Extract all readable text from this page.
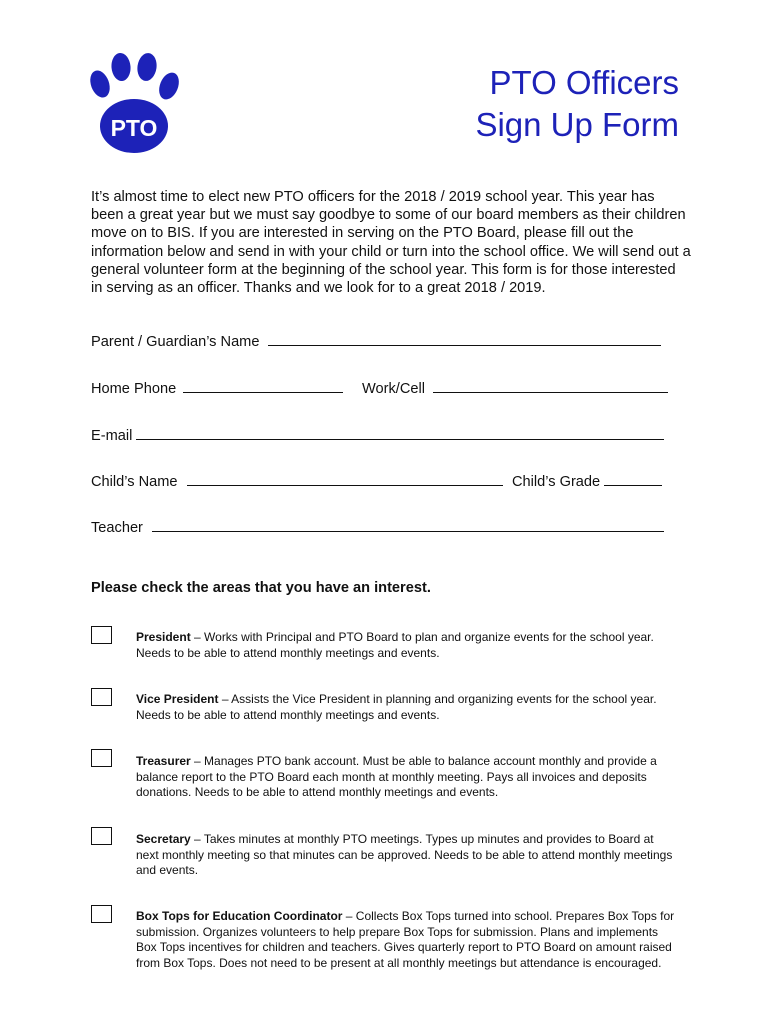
PTO
PTO Officers
Sign Up Form
It’s almost time to elect new PTO officers for the 2018 / 2019 school year. This year has been a great year but we must say goodbye to some of our board members as their children move on to BIS. If you are interested in serving on the PTO Board, please fill out the information below and send in with your child or turn into the school office. We will send out a general volunteer form at the beginning of the school year. This form is for those interested in serving as an officer. Thanks and we look for to a great 2018 / 2019.
Parent / Guardian’s Name
Home Phone	Work/Cell
E-mail
Child’s Name	Child’s Grade
Teacher
Please check the areas that you have an interest.
President – Works with Principal and PTO Board to plan and organize events for the school year. Needs to be able to attend monthly meetings and events.
Vice President – Assists the Vice President in planning and organizing events for the school year. Needs to be able to attend monthly meetings and events.
Treasurer – Manages PTO bank account. Must be able to balance account monthly and provide a balance report to the PTO Board each month at monthly meeting. Pays all invoices and deposits donations. Needs to be able to attend monthly meetings and events.
Secretary – Takes minutes at monthly PTO meetings. Types up minutes and provides to Board at next monthly meeting so that minutes can be approved. Needs to be able to attend monthly meetings and events.
Box Tops for Education Coordinator – Collects Box Tops turned into school. Prepares Box Tops for submission. Organizes volunteers to help prepare Box Tops for submission. Plans and implements Box Tops incentives for children and teachers. Gives quarterly report to PTO Board on amount raised from Box Tops. Does not need to be present at all monthly meetings but attendance is encouraged.
